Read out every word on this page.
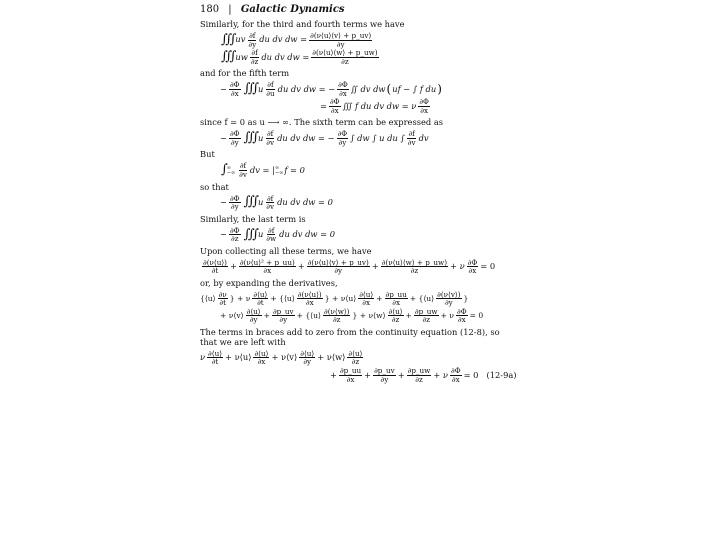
180 | Galactic Dynamics
Similarly, for the third and fourth terms we have
∭ uv $\frac{\partial f}{\partial y}$ du dv dw
= $\frac{\partial(\nu⟨u⟩⟨v⟩ + p\_uv)}{\partial y}$
∭ uw $\frac{\partial f}{\partial z}$ du dv dw
= $\frac{\partial(\nu⟨u⟩⟨w⟩ + p\_uw)}{\partial z}$
and for the fifth term
− $\frac{\partial\Phi}{\partial x}$ ∭ u $\frac{\partial f}{\partial u}$ du dv dw
= − $\frac{\partial\Phi}{\partial x}$ ∬ dv dw ( uf
−
∫ f du )
= $\frac{\partial\Phi}{\partial x}$ ∭ f du dv dw = ν $\frac{\partial\Phi}{\partial x}$
since f = 0 as u ⟶ ∞. The sixth term can be expressed as
− $\frac{\partial\Phi}{\partial y}$ ∭ u $\frac{\partial f}{\partial v}$ du dv dw = − $\frac{\partial\Phi}{\partial y}$ ∫ dw ∫ u du ∫ $\frac{\partial f}{\partial v}$ dv
But
∫ ∞
−∞ $\frac{\partial f}{\partial v}$ dv = | ∞
−∞ f = 0
so that
− $\frac{\partial\Phi}{\partial y}$ ∭ u $\frac{\partial f}{\partial v}$ du dv dw = 0
Similarly, the last term is
− $\frac{\partial\Phi}{\partial z}$ ∭ u $\frac{\partial f}{\partial w}$ du dv dw = 0
Upon collecting all these terms, we have
$\frac{\partial(\nu⟨u⟩)}{\partial t} + \frac{\text{∂(ν⟨u⟩² + p\_uu)}}{\partial x} + \frac{\partial(\nu⟨u⟩⟨v⟩ + p\_uv)}{\partial y} + \frac{\partial(\nu⟨u⟩⟨w⟩ + p\_uw)}{\partial z} + \nu \frac{\partial\Phi}{\partial x} = 0$
or, by expanding the derivatives,
{⟨u⟩ $\frac{\partial\nu}{\partial t}$ } + ν $\frac{\partial⟨u⟩}{\partial t}$ + {⟨u⟩ $\frac{\partial(\nu⟨u⟩)}{\partial x}$ } + ν⟨u⟩ $\frac{\partial⟨u⟩}{\partial x} + \frac{\partial p\_uu}{\partial x}$ + {⟨u⟩ $\frac{\partial(\nu⟨v⟩)}{\partial y}$ }
+ ν⟨v⟩ $\frac{\partial⟨u⟩}{\partial y} + \frac{\partial p\_uv}{\partial y}$ + {⟨u⟩ $\frac{\partial(\nu⟨w⟩)}{\partial z}$ } + ν⟨w⟩ $\frac{\partial⟨u⟩}{\partial z} + \frac{\partial p\_uw}{\partial z} + \nu \frac{\partial\Phi}{\partial x} = 0$
The terms in braces add to zero from the continuity equation (12-8), so that we are left with
ν $\frac{\partial⟨u⟩}{\partial t}$ + ν⟨u⟩ $\frac{\partial⟨u⟩}{\partial x}$ + ν⟨v⟩ $\frac{\partial⟨u⟩}{\partial y}$ + ν⟨w⟩ $\frac{\partial⟨u⟩}{\partial z}$
+ $\frac{\partial p\_uu}{\partial x} + \frac{\partial p\_uv}{\partial y} + \frac{\partial p\_uw}{\partial z} + \nu \frac{\partial\Phi}{\partial x} = 0$ (12-9a)
